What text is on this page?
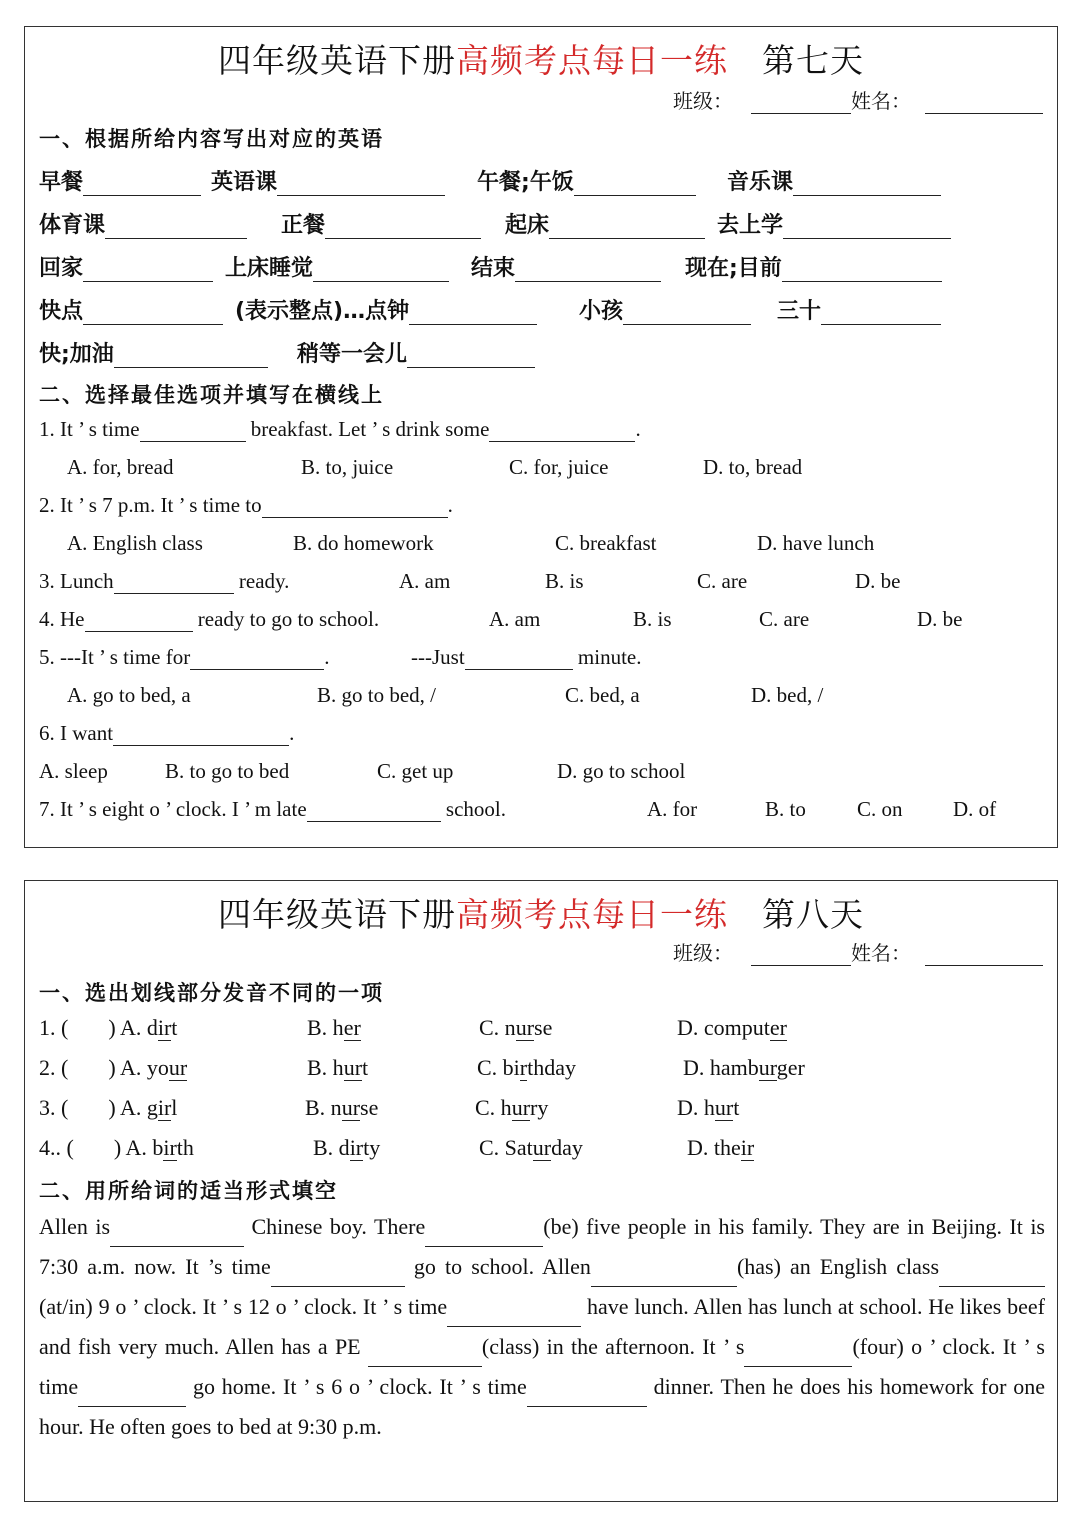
四年级英语下册高频考点每日一练 第七天
班级：	姓名：
一、根据所给内容写出对应的英语
早餐	英语课	午餐;午饭	音乐课
体育课	正餐	起床	去上学
回家	上床睡觉	结束	现在;目前
快点	(表示整点)…点钟	小孩	三十
快;加油	稍等一会儿
二、选择最佳选项并填写在横线上
1. It ’ s time	breakfast. Let ’ s drink some	.
A. for, bread	B. to, juice	C. for, juice	D. to, bread
2. It ’ s 7 p.m. It ’ s time to	.
A. English class	B. do homework	C. breakfast	D. have lunch
3. Lunch	ready.	A. am	B. is	C. are	D. be
4. He	ready to go to school.	A. am	B. is	C. are	D. be
5. ---It ’ s time for	.	---Just	minute.
A. go to bed, a	B. go to bed, /	C. bed, a	D. bed, /
6. I want	.
A. sleep	B. to go to bed	C. get up	D. go to school
7. It ’ s eight o ’ clock. I ’ m late	school.	A. for	B. to C. on D. of
四年级英语下册高频考点每日一练 第八天
班级：	姓名：
一、选出划线部分发音不同的一项
1. ( ) A. dirt	B. her	C. nurse	D. computer
2. ( ) A. your	B. hurt	C. birthday	D. hamburger
3. ( ) A. girl	B. nurse	C. hurry	D. hurt
4.. ( ) A. birth	B. dirty	C. Saturday	D. their
二、用所给词的适当形式填空
Allen is	Chinese boy. There	(be) five people in his family. They are in Beijing. It is 7:30 a.m. now. It ’s time	go to school. Allen	(has) an English class(at/in) 9 o ’ clock. It ’ s 12 o ’ clock. It ’ s time	have lunch. Allen has lunch at school. He likes beef and fish very much. Allen has a PE	(class) in the afternoon. It ’ s	(four) o ’ clock. It ’ s time	go home. It ’ s 6 o ’ clock. It ’ s time	dinner. Then he does his homework for one hour. He often goes to bed at 9:30 p.m.
